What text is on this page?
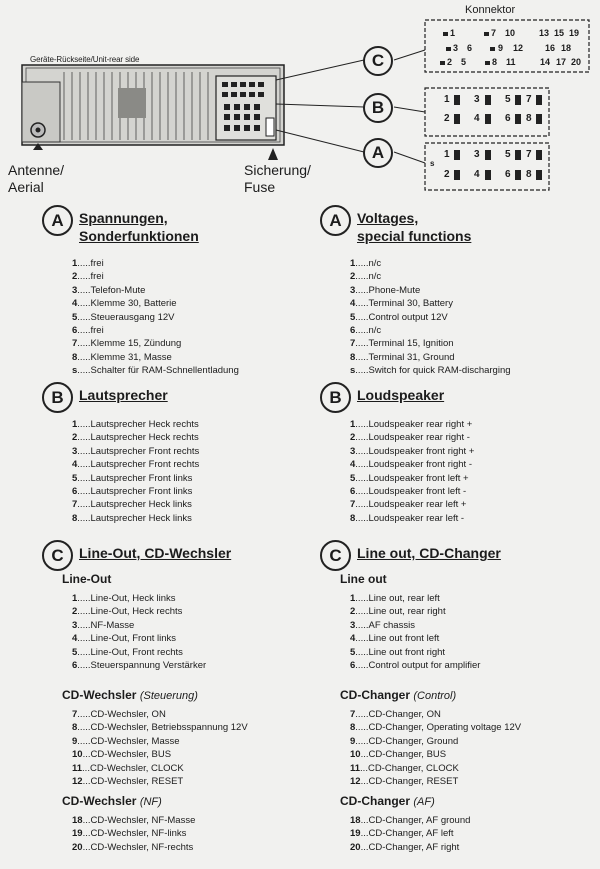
Geräte-Rückseite/Unit-rear side
Konnektor
Antenne/
Aerial
Sicherung/
Fuse
C
B
A
1	7 10	13 15 19
3 6	9 12 16 18
2 5	8 11	14 17 20
1 3	5 7
2 4	6 8
1 3	5 7
2 4	6 8
s
A	Spannungen,
Sonderfunktionen
1.....frei
2.....frei
3.....Telefon-Mute
4.....Klemme 30, Batterie
5.....Steuerausgang 12V
6.....frei
7.....Klemme 15, Zündung
8.....Klemme 31, Masse
s.....Schalter für RAM-Schnellentladung
A	Voltages,
special functions
1.....n/c
2.....n/c
3.....Phone-Mute
4.....Terminal 30, Battery
5.....Control output 12V
6.....n/c
7.....Terminal 15, Ignition
8.....Terminal 31, Ground
s.....Switch for quick RAM-discharging
B	Lautsprecher
1.....Lautsprecher Heck rechts
2.....Lautsprecher Heck rechts
3.....Lautsprecher Front rechts
4.....Lautsprecher Front rechts
5.....Lautsprecher Front links
6.....Lautsprecher Front links
7.....Lautsprecher Heck links
8.....Lautsprecher Heck links
B	Loudspeaker
1.....Loudspeaker rear right +
2.....Loudspeaker rear right -
3.....Loudspeaker front right +
4.....Loudspeaker front right -
5.....Loudspeaker front left +
6.....Loudspeaker front left -
7.....Loudspeaker rear left +
8.....Loudspeaker rear left -
C	Line-Out, CD-Wechsler
Line-Out
1.....Line-Out, Heck links
2.....Line-Out, Heck rechts
3.....NF-Masse
4.....Line-Out, Front links
5.....Line-Out, Front rechts
6.....Steuerspannung Verstärker
CD-Wechsler (Steuerung)
7.....CD-Wechsler, ON
8.....CD-Wechsler, Betriebsspannung 12V
9.....CD-Wechsler, Masse
10...CD-Wechsler, BUS
11...CD-Wechsler, CLOCK
12...CD-Wechsler, RESET
CD-Wechsler (NF)
18...CD-Wechsler, NF-Masse
19...CD-Wechsler, NF-links
20...CD-Wechsler, NF-rechts
C	Line out, CD-Changer
Line out
1.....Line out, rear left
2.....Line out, rear right
3.....AF chassis
4.....Line out front left
5.....Line out front right
6.....Control output for amplifier
CD-Changer (Control)
7.....CD-Changer, ON
8.....CD-Changer, Operating voltage 12V
9.....CD-Changer, Ground
10...CD-Changer, BUS
11...CD-Changer, CLOCK
12...CD-Changer, RESET
CD-Changer (AF)
18...CD-Changer, AF ground
19...CD-Changer, AF left
20...CD-Changer, AF right
